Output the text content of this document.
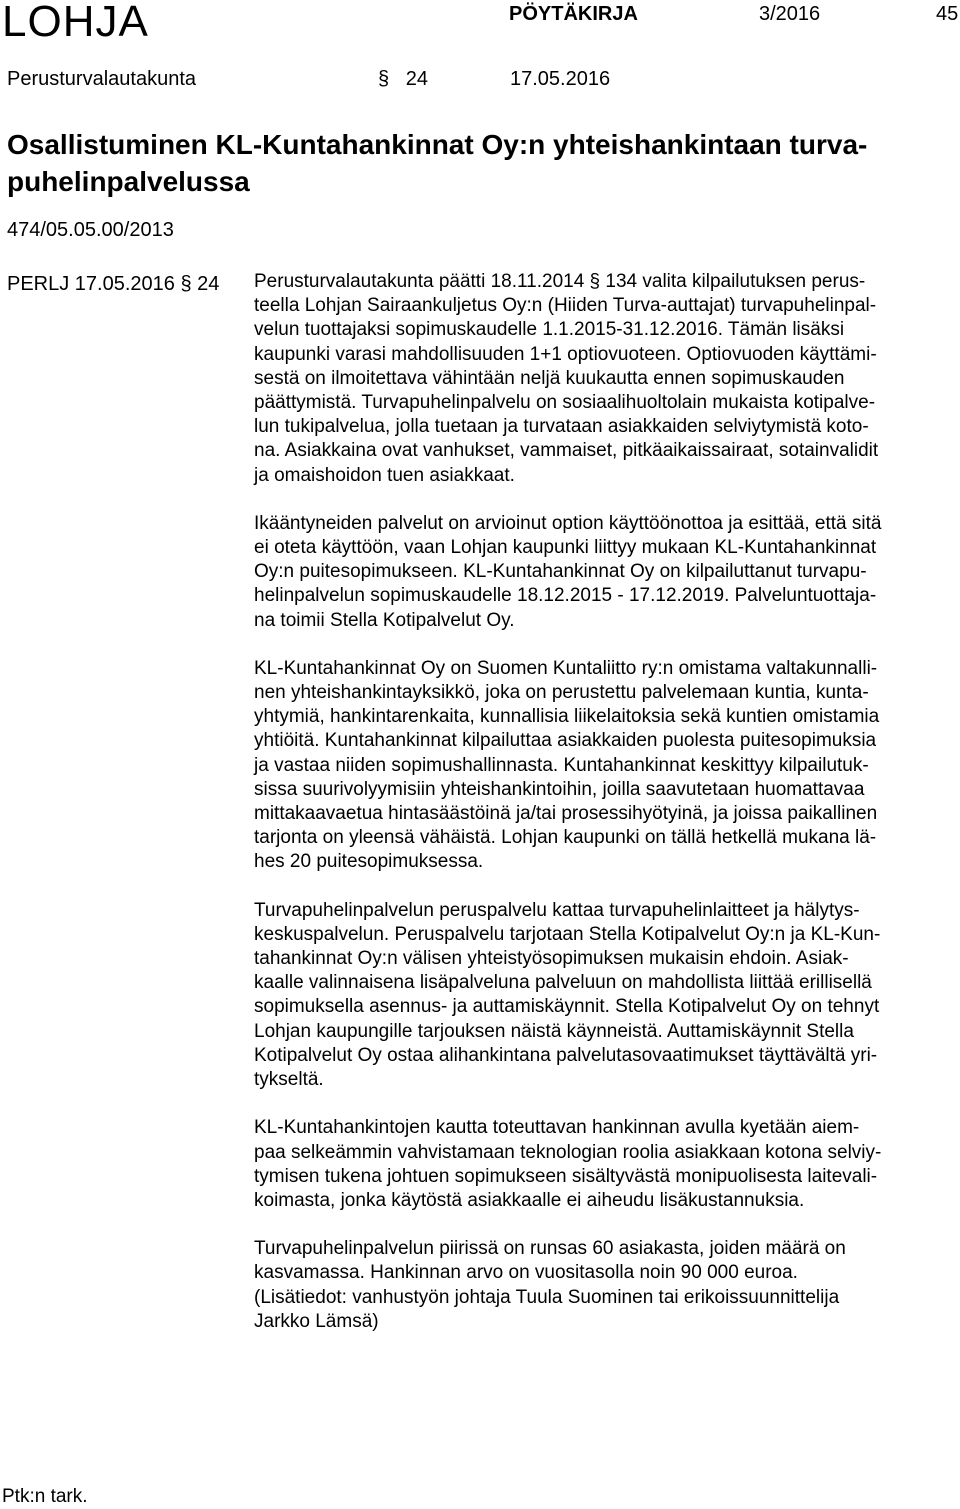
LOHJA	PÖYTÄKIRJA	3/2016	45
Perusturvalautakunta	§ 24	17.05.2016
Osallistuminen KL-Kuntahankinnat Oy:n yhteishankintaan turva-
puhelinpalvelussa
474/05.05.00/2013
PERLJ 17.05.2016 § 24 Perusturvalautakunta päätti 18.11.2014 § 134 valita kilpailutuksen perus-
teella Lohjan Sairaankuljetus Oy:n (Hiiden Turva-auttajat) turvapuhelinpal-
velun tuottajaksi sopimuskaudelle 1.1.2015-31.12.2016. Tämän lisäksi
kaupunki varasi mahdollisuuden 1+1 optiovuoteen. Optiovuoden käyttämi-
sestä on ilmoitettava vähintään neljä kuukautta ennen sopimuskauden
päättymistä. Turvapuhelinpalvelu on sosiaalihuoltolain mukaista kotipalve-
lun tukipalvelua, jolla tuetaan ja turvataan asiakkaiden selviytymistä koto-
na. Asiakkaina ovat vanhukset, vammaiset, pitkäaikaissairaat, sotainvalidit
ja omaishoidon tuen asiakkaat.

Ikääntyneiden palvelut on arvioinut option käyttöönottoa ja esittää, että sitä
ei oteta käyttöön, vaan Lohjan kaupunki liittyy mukaan KL-Kuntahankinnat
Oy:n puitesopimukseen. KL-Kuntahankinnat Oy on kilpailuttanut turvapu-
helinpalvelun sopimuskaudelle 18.12.2015 - 17.12.2019. Palveluntuottaja-
na toimii Stella Kotipalvelut Oy.

KL-Kuntahankinnat Oy on Suomen Kuntaliitto ry:n omistama valtakunnalli-
nen yhteishankintayksikkö, joka on perustettu palvelemaan kuntia, kunta-
yhtymiä, hankintarenkaita, kunnallisia liikelaitoksia sekä kuntien omistamia
yhtiöitä. Kuntahankinnat kilpailuttaa asiakkaiden puolesta puitesopimuksia
ja vastaa niiden sopimushallinnasta. Kuntahankinnat keskittyy kilpailutuk-
sissa suurivolyymisiin yhteishankintoihin, joilla saavutetaan huomattavaa
mittakaavaetua hintasäästöinä ja/tai prosessihyötyinä, ja joissa paikallinen
tarjonta on yleensä vähäistä. Lohjan kaupunki on tällä hetkellä mukana lä-
hes 20 puitesopimuksessa.

Turvapuhelinpalvelun peruspalvelu kattaa turvapuhelinlaitteet ja hälytys-
keskuspalvelun. Peruspalvelu tarjotaan Stella Kotipalvelut Oy:n ja KL-Kun-
tahankinnat Oy:n välisen yhteistyösopimuksen mukaisin ehdoin. Asiak-
kaalle valinnaisena lisäpalveluna palveluun on mahdollista liittää erillisellä
sopimuksella asennus- ja auttamiskäynnit. Stella Kotipalvelut Oy on tehnyt
Lohjan kaupungille tarjouksen näistä käynneistä. Auttamiskäynnit Stella
Kotipalvelut Oy ostaa alihankintana palvelutasovaatimukset täyttävältä yri-
tykseltä.

KL-Kuntahankintojen kautta toteuttavan hankinnan avulla kyetään aiem-
paa selkeämmin vahvistamaan teknologian roolia asiakkaan kotona selviy-
tymisen tukena johtuen sopimukseen sisältyvästä monipuolisesta laitevali-
koimasta, jonka käytöstä asiakkaalle ei aiheudu lisäkustannuksia.

Turvapuhelinpalvelun piirissä on runsas 60 asiakasta, joiden määrä on
kasvamassa. Hankinnan arvo on vuositasolla noin 90 000 euroa.
(Lisätiedot: vanhustyön johtaja Tuula Suominen tai erikoissuunnittelija
Jarkko Lämsä)

Ptk:n tark.
